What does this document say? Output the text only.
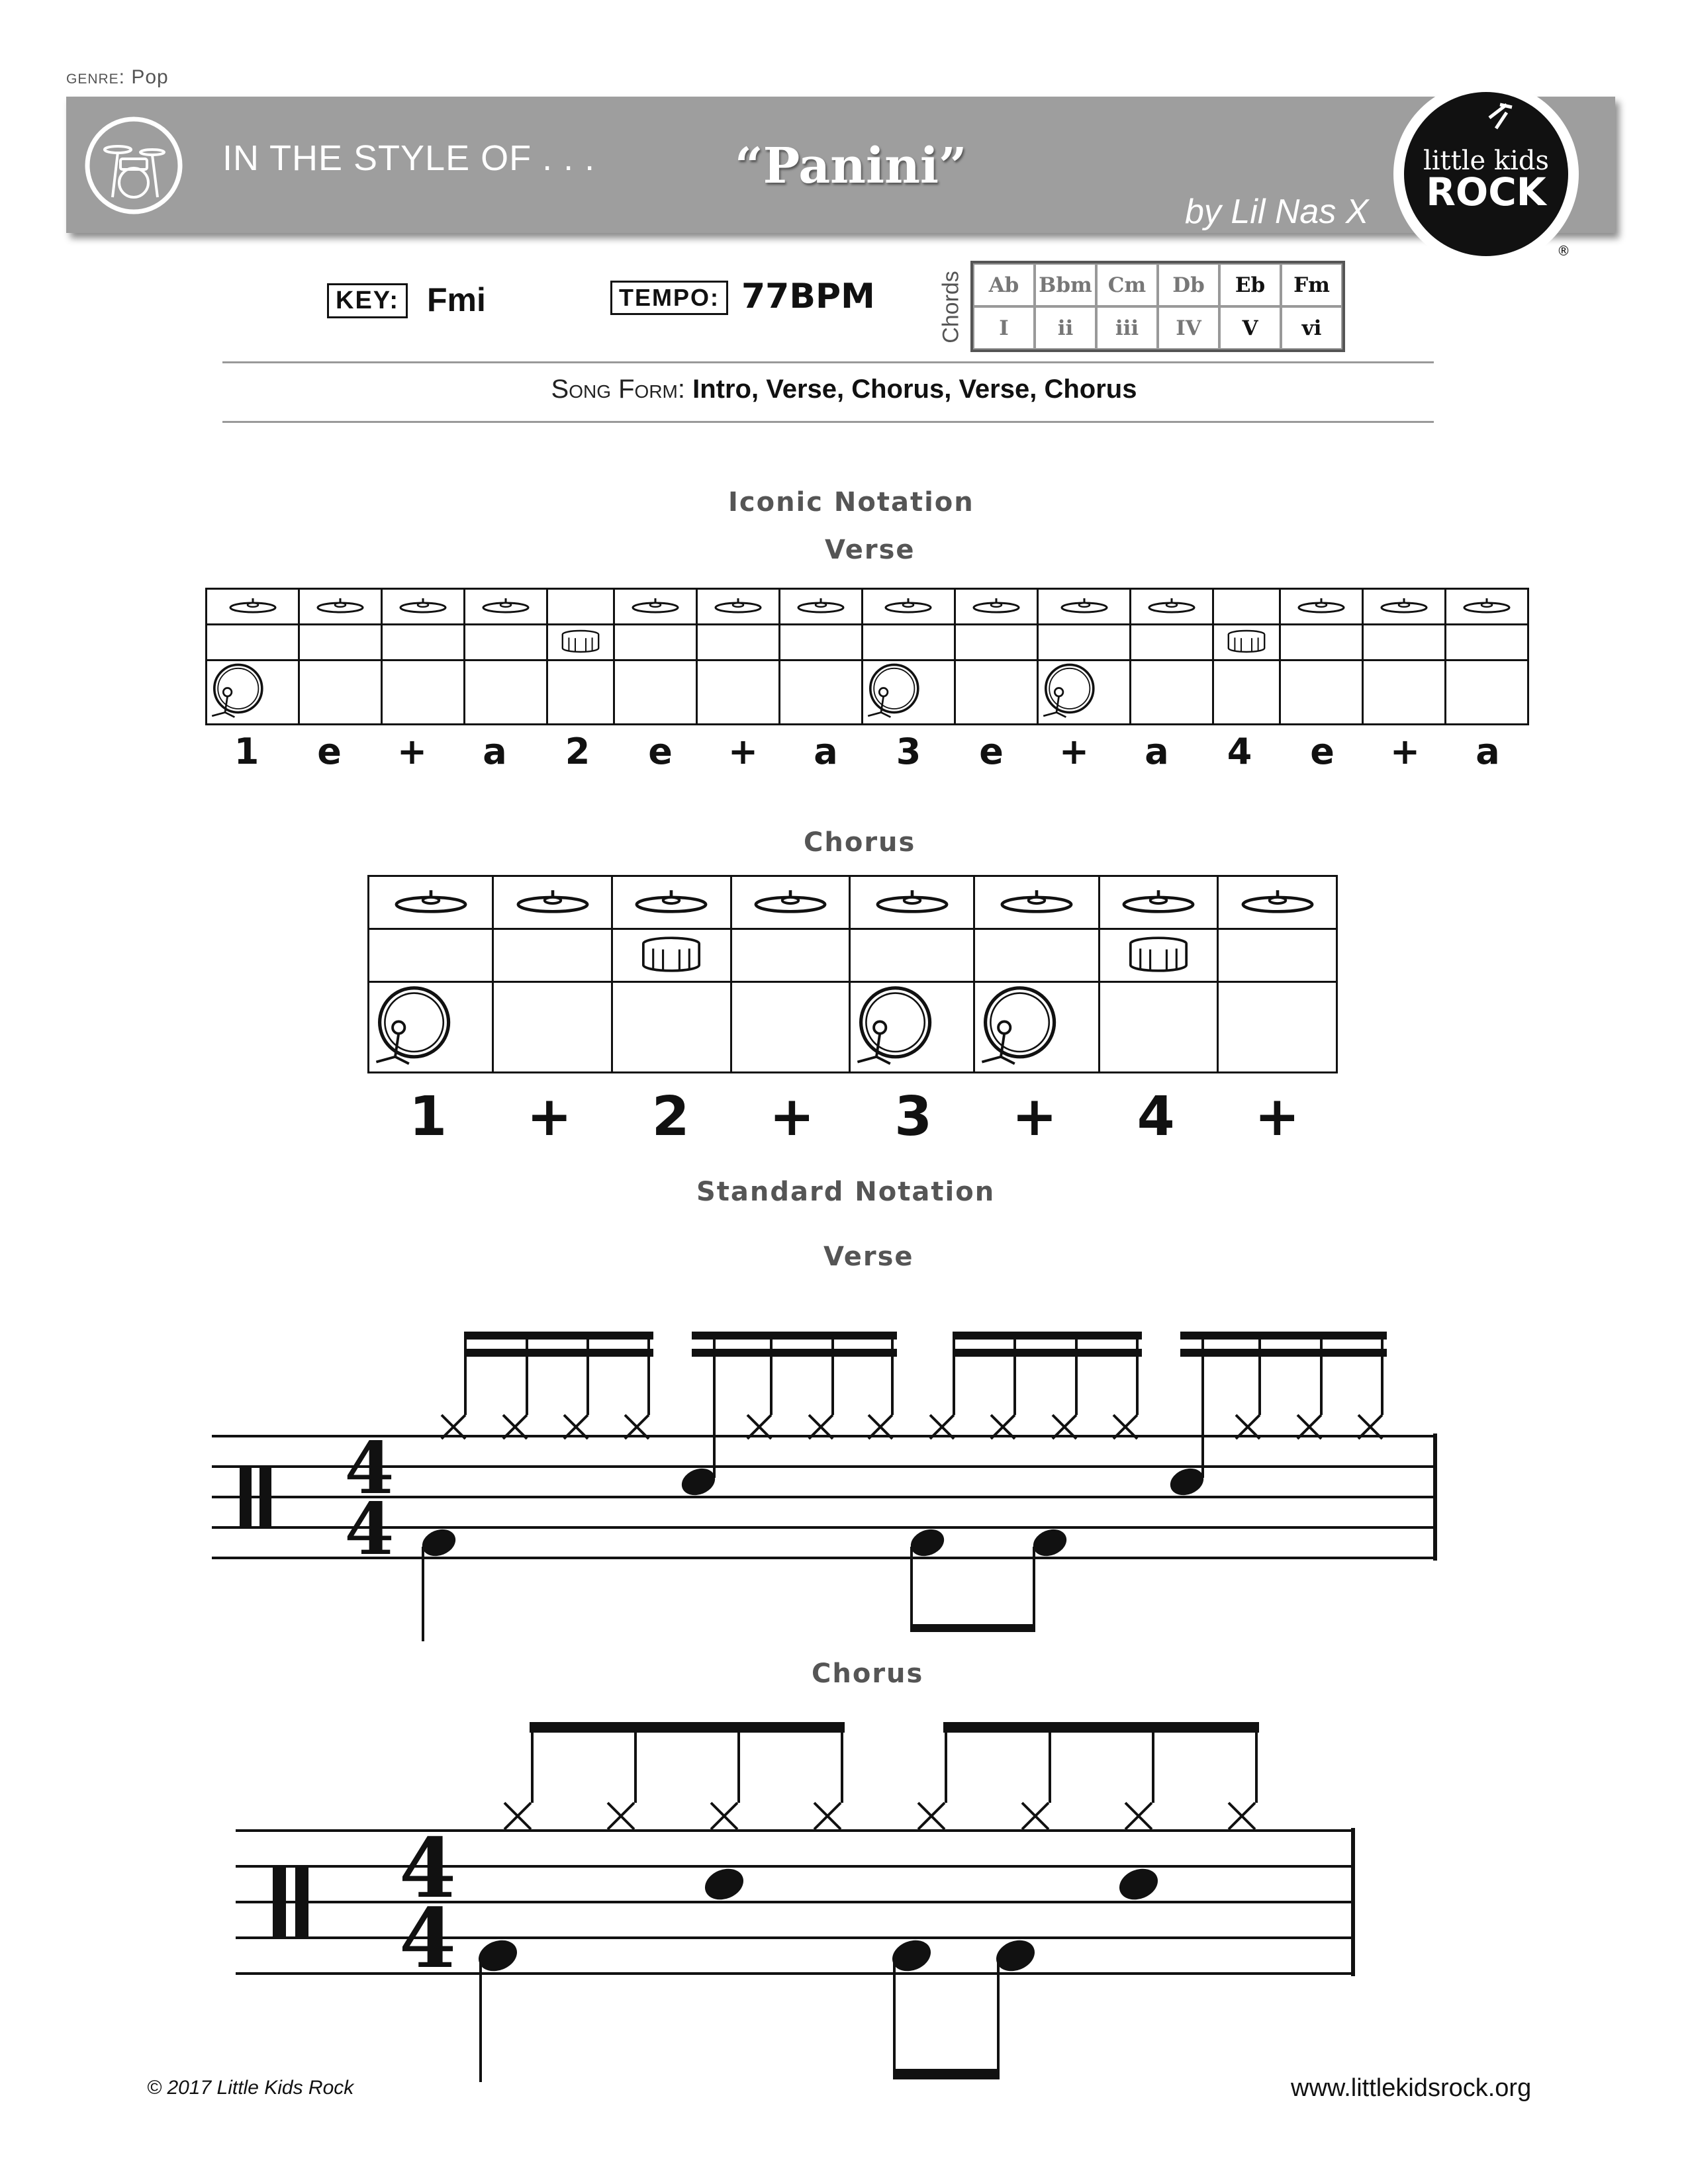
genre: Pop
IN THE STYLE OF . . .	“Panini”
by Lil Nas X
little kids
ROCK
®
KEY: Fmi	TEMPO: 77BPM	Chords	Ab Bbm Cm	Db	Eb	Fm
I	ii	iii	IV	V	vi
Song Form: Intro, Verse, Chorus, Verse, Chorus
Iconic Notation
Verse

1	e	+	a	2	e	+	a	3	e	+	a	4	e	+	a
Chorus

1	+	2	+	3	+	4	+
Standard Notation
Verse
4
4
Chorus
4
4
© 2017 Little Kids Rock	www.littlekidsrock.org
